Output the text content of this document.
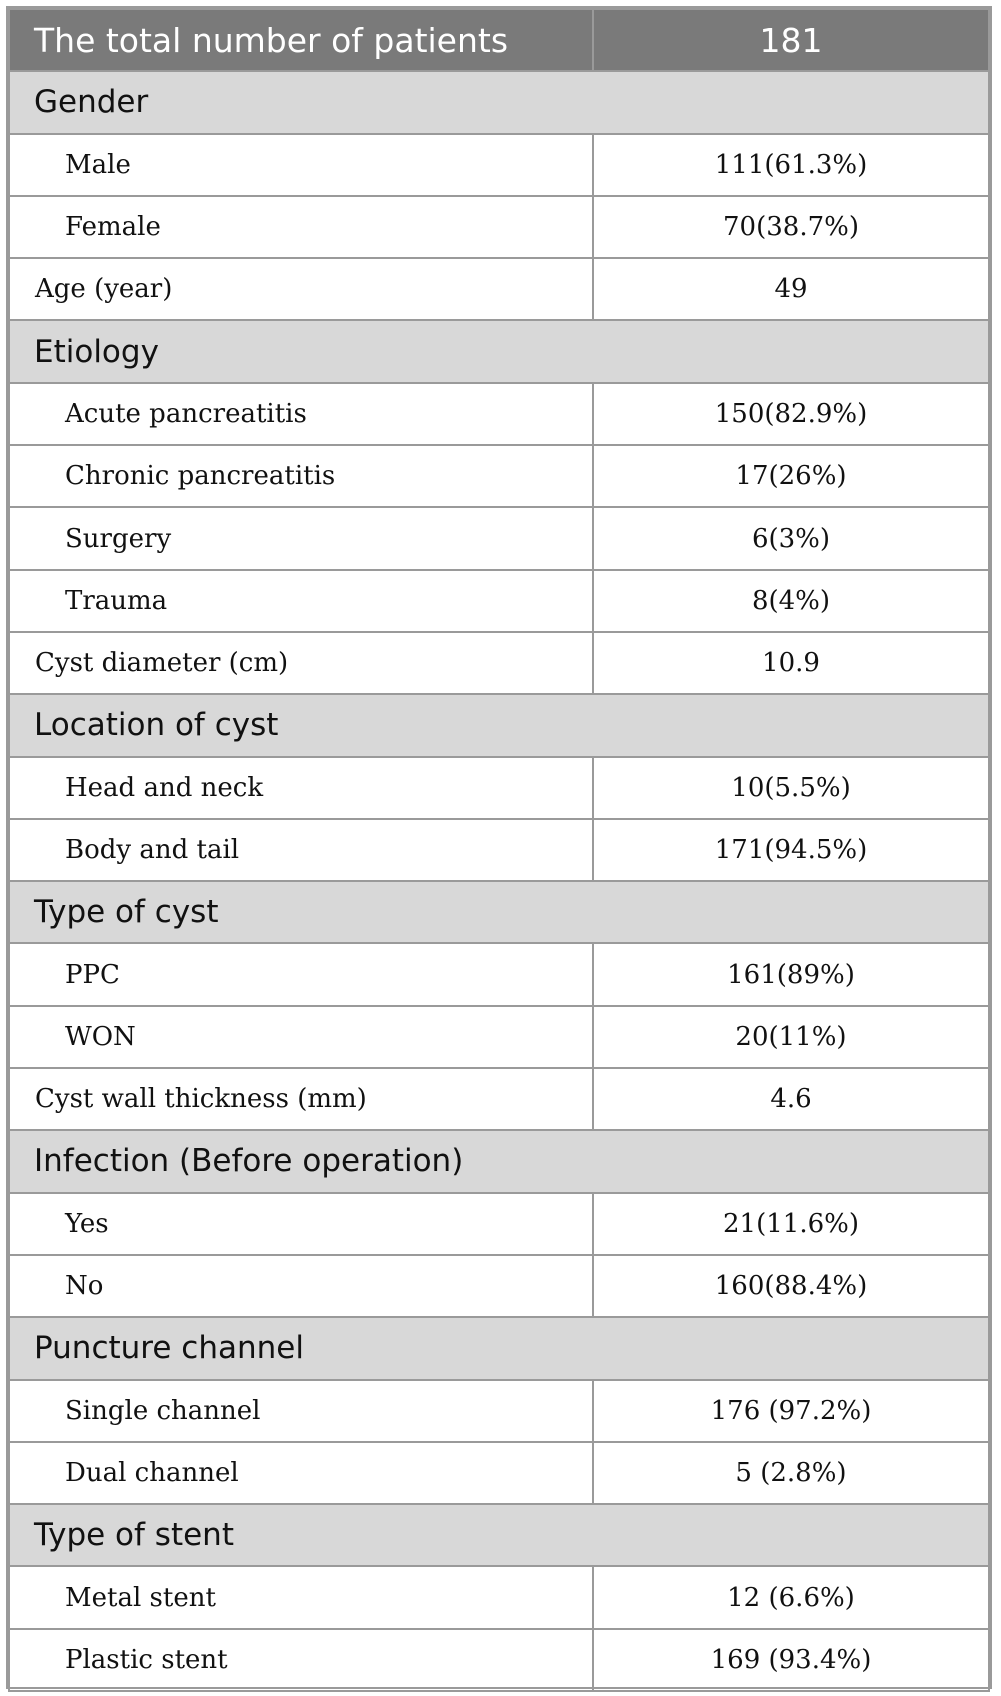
The total number of patients	181
Gender	
Male	111(61.3%)
Female	70(38.7%)
Age (year)	49
Etiology	
Acute pancreatitis	150(82.9%)
Chronic pancreatitis	17(26%)
Surgery	6(3%)
Trauma	8(4%)
Cyst diameter (cm)	10.9
Location of cyst	
Head and neck	10(5.5%)
Body and tail	171(94.5%)
Type of cyst	
PPC	161(89%)
WON	20(11%)
Cyst wall thickness (mm)	4.6
Infection (Before operation)	
Yes	21(11.6%)
No	160(88.4%)
Puncture channel	
Single channel	176 (97.2%)
Dual channel	5 (2.8%)
Type of stent	
Metal stent	12 (6.6%)
Plastic stent	169 (93.4%)
